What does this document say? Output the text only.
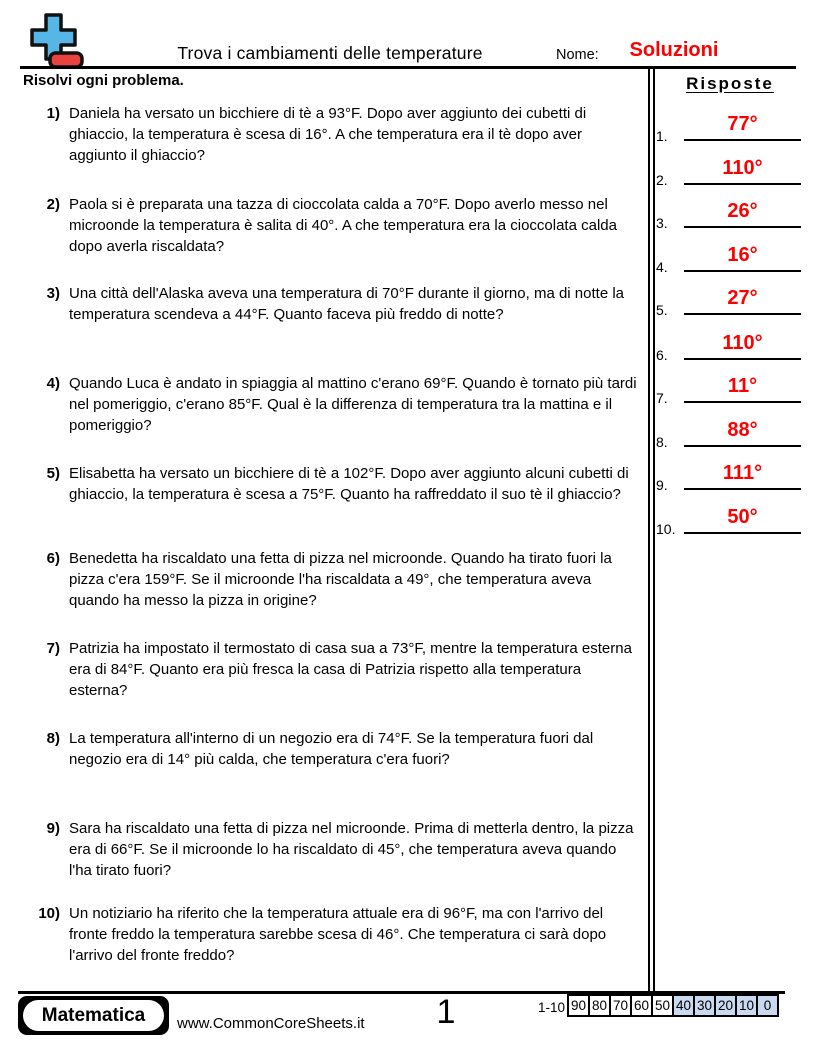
Trova i cambiamenti delle temperature	Nome:	Soluzioni
Risolvi ogni problema.	Risposte
1) Daniela ha versato un bicchiere di tè a 93°F. Dopo aver aggiunto dei cubetti di ghiaccio, la temperatura è scesa di 16°. A che temperatura era il tè dopo aver aggiunto il ghiaccio?
2) Paola si è preparata una tazza di cioccolata calda a 70°F. Dopo averlo messo nel microonde la temperatura è salita di 40°. A che temperatura era la cioccolata calda dopo averla riscaldata?
3) Una città dell'Alaska aveva una temperatura di 70°F durante il giorno, ma di notte la temperatura scendeva a 44°F. Quanto faceva più freddo di notte?
4) Quando Luca è andato in spiaggia al mattino c'erano 69°F. Quando è tornato più tardi nel pomeriggio, c'erano 85°F. Qual è la differenza di temperatura tra la mattina e il pomeriggio?
5) Elisabetta ha versato un bicchiere di tè a 102°F. Dopo aver aggiunto alcuni cubetti di ghiaccio, la temperatura è scesa a 75°F. Quanto ha raffreddato il suo tè il ghiaccio?
6) Benedetta ha riscaldato una fetta di pizza nel microonde. Quando ha tirato fuori la pizza c'era 159°F. Se il microonde l'ha riscaldata a 49°, che temperatura aveva quando ha messo la pizza in origine?
7) Patrizia ha impostato il termostato di casa sua a 73°F, mentre la temperatura esterna era di 84°F. Quanto era più fresca la casa di Patrizia rispetto alla temperatura esterna?
8) La temperatura all'interno di un negozio era di 74°F. Se la temperatura fuori dal negozio era di 14° più calda, che temperatura c'era fuori?
9) Sara ha riscaldato una fetta di pizza nel microonde. Prima di metterla dentro, la pizza era di 66°F. Se il microonde lo ha riscaldato di 45°, che temperatura aveva quando l'ha tirato fuori?
10) Un notiziario ha riferito che la temperatura attuale era di 96°F, ma con l'arrivo del fronte freddo la temperatura sarebbe scesa di 46°. Che temperatura ci sarà dopo l'arrivo del fronte freddo?
1.
77°
2.
110°
3.
26°
4.
16°
5.
27°
6.
110°
7.
11°
8.
88°
9.
111°
10.
50°
Matematica	www.CommonCoreSheets.it	1	1-10 90 80 70 60 50 40 30 20 10 0
